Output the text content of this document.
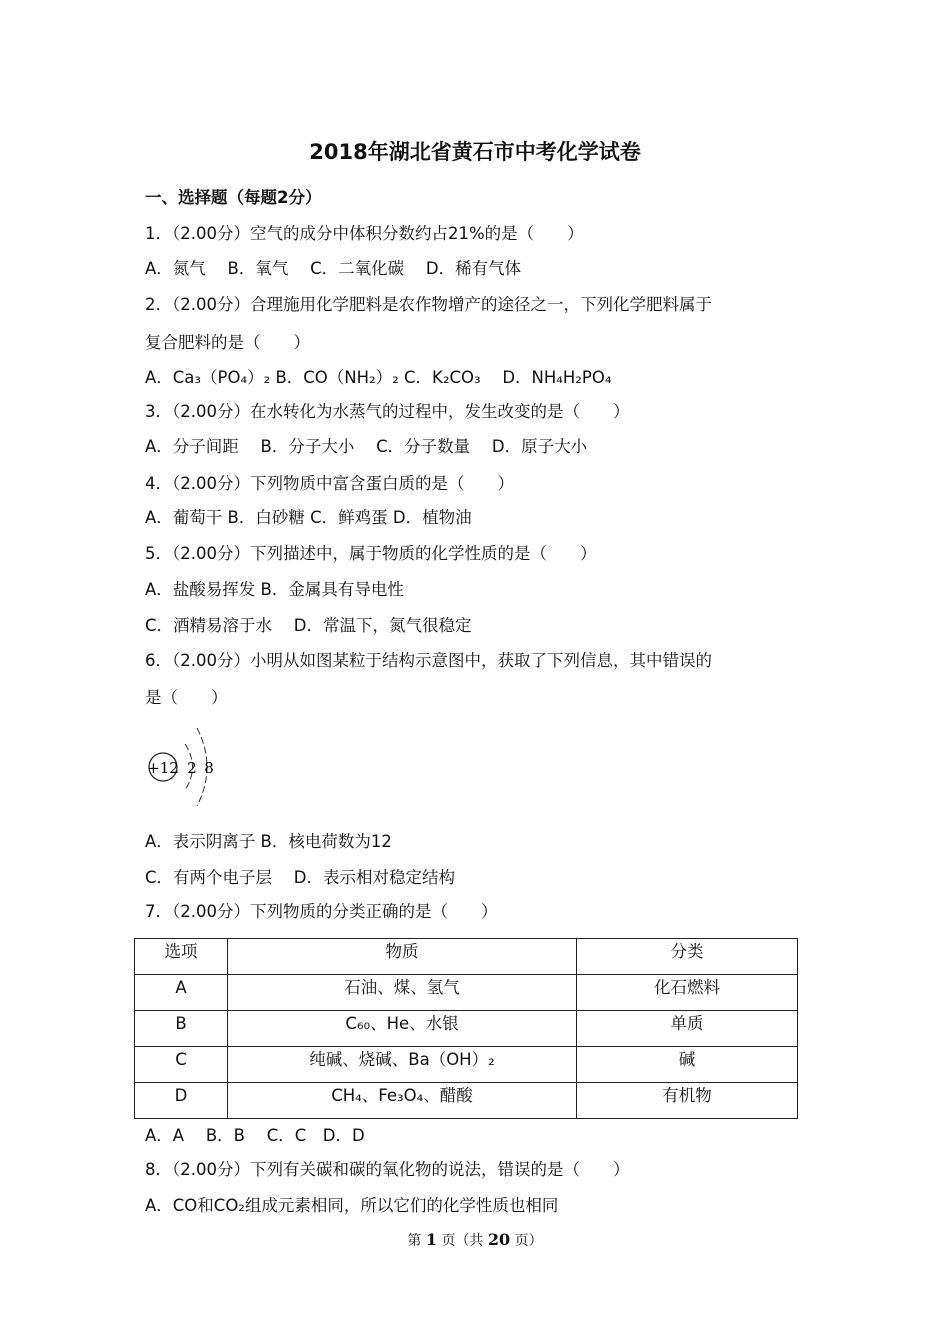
2018年湖北省黄石市中考化学试卷
一、选择题（每题2分）
1．（2.00分）空气的成分中体积分数约占21%的是（　　）
A．氮气　 B．氧气　 C．二氧化碳　 D．稀有气体
2．（2.00分）合理施用化学肥料是农作物增产的途径之一，下列化学肥料属于
复合肥料的是（　　）
A．Ca₃（PO₄）₂ B．CO（NH₂）₂ C．K₂CO₃　 D．NH₄H₂PO₄
3．（2.00分）在水转化为水蒸气的过程中，发生改变的是（　　）
A．分子间距　 B．分子大小　 C．分子数量　 D．原子大小
4．（2.00分）下列物质中富含蛋白质的是（　　）
A．葡萄干 B．白砂糖 C．鲜鸡蛋 D．植物油
5．（2.00分）下列描述中，属于物质的化学性质的是（　　）
A．盐酸易挥发 B．金属具有导电性
C．酒精易溶于水　 D．常温下，氮气很稳定
6．（2.00分）小明从如图某粒于结构示意图中，获取了下列信息，其中错误的
是（　　）
+12 2 8
A．表示阴离子 B．核电荷数为12
C．有两个电子层　 D．表示相对稳定结构
7．（2.00分）下列物质的分类正确的是（　　）
选项	物质	分类
A	石油、煤、氢气	化石燃料
B	C₆₀、He、水银	单质
C	纯碱、烧碱、Ba（OH）₂	碱
D	CH₄、Fe₃O₄、醋酸	有机物
A．A　 B．B　 C．C　D．D
8．（2.00分）下列有关碳和碳的氧化物的说法，错误的是（　　）
A．CO和CO₂组成元素相同，所以它们的化学性质也相同
第 1 页（共 20 页）
